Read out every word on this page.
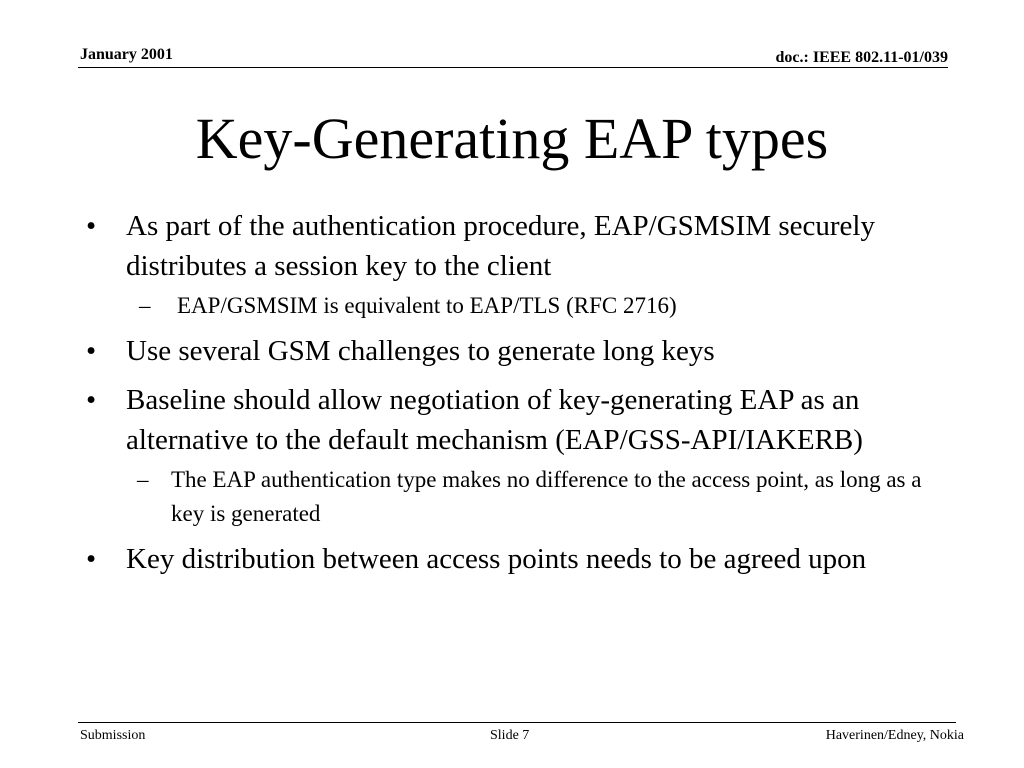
January 2001	doc.: IEEE 802.11-01/039
Key-Generating EAP types
• As part of the authentication procedure, EAP/GSMSIM securely distributes a session key to the client
– EAP/GSMSIM is equivalent to EAP/TLS (RFC 2716)
• Use several GSM challenges to generate long keys
• Baseline should allow negotiation of key-generating EAP as an alternative to the default mechanism (EAP/GSS-API/IAKERB)
– The EAP authentication type makes no difference to the access point, as long as a key is generated
• Key distribution between access points needs to be agreed upon
Submission	Slide 7	Haverinen/Edney, Nokia
